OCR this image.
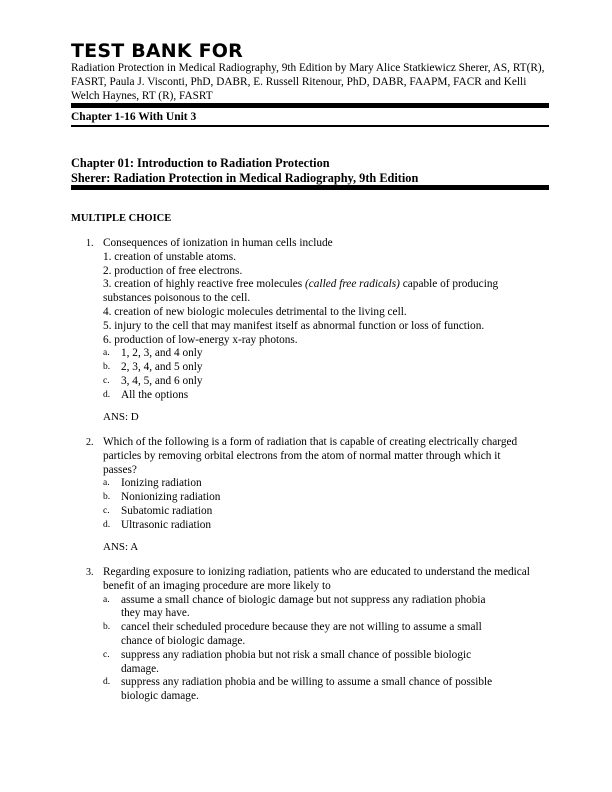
TEST BANK FOR
Radiation Protection in Medical Radiography, 9th Edition by Mary Alice Statkiewicz Sherer, AS, RT(R), FASRT, Paula J. Visconti, PhD, DABR, E. Russell Ritenour, PhD, DABR, FAAPM, FACR and Kelli Welch Haynes, RT (R), FASRT
Chapter 1-16 With Unit 3
Chapter 01: Introduction to Radiation Protection
Sherer: Radiation Protection in Medical Radiography, 9th Edition
MULTIPLE CHOICE
1. Consequences of ionization in human cells include
1. creation of unstable atoms.
2. production of free electrons.
3. creation of highly reactive free molecules (called free radicals) capable of producing
substances poisonous to the cell.
4. creation of new biologic molecules detrimental to the living cell.
5. injury to the cell that may manifest itself as abnormal function or loss of function.
6. production of low-energy x-ray photons.
a. 1, 2, 3, and 4 only
b. 2, 3, 4, and 5 only
c. 3, 4, 5, and 6 only
d. All the options
ANS: D
2. Which of the following is a form of radiation that is capable of creating electrically charged
particles by removing orbital electrons from the atom of normal matter through which it
passes?
a. Ionizing radiation
b. Nonionizing radiation
c. Subatomic radiation
d. Ultrasonic radiation
ANS: A
3. Regarding exposure to ionizing radiation, patients who are educated to understand the medical
benefit of an imaging procedure are more likely to
a. assume a small chance of biologic damage but not suppress any radiation phobia
they may have.
b. cancel their scheduled procedure because they are not willing to assume a small
chance of biologic damage.
c. suppress any radiation phobia but not risk a small chance of possible biologic
damage.
d. suppress any radiation phobia and be willing to assume a small chance of possible
biologic damage.
